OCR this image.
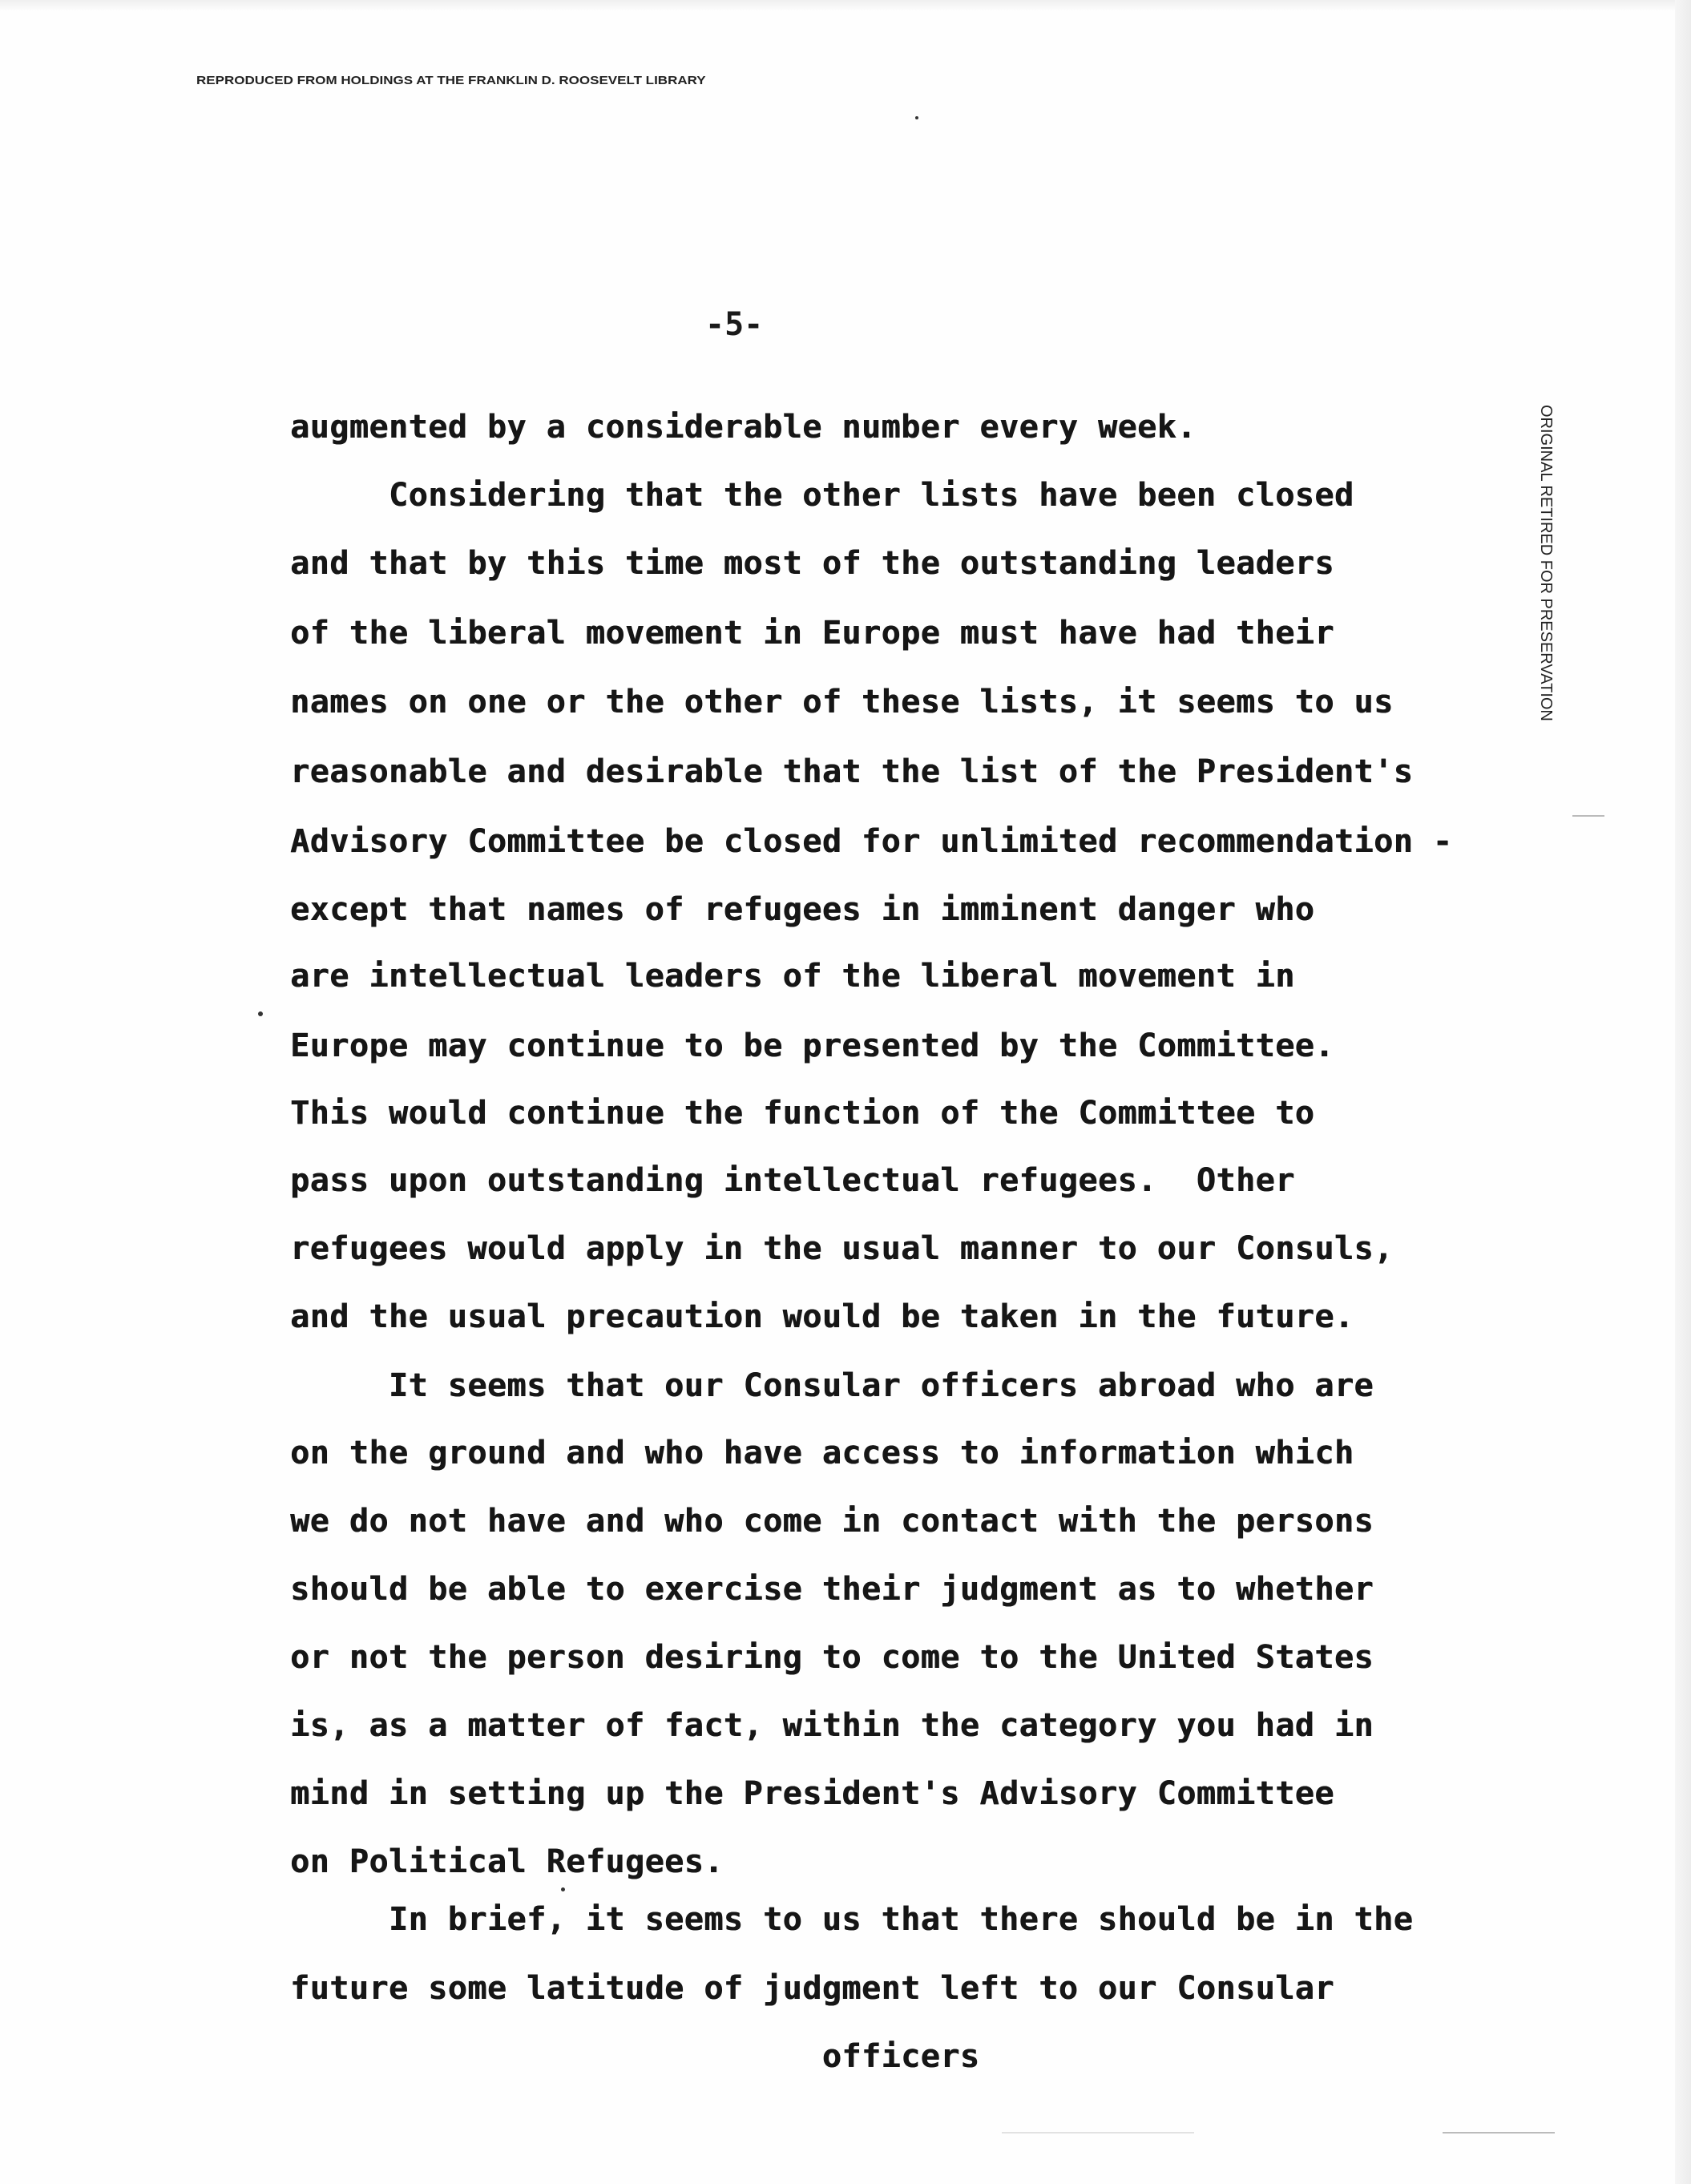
REPRODUCED FROM HOLDINGS AT THE FRANKLIN D. ROOSEVELT LIBRARY
ORIGINAL RETIRED FOR PRESERVATION
-5-
augmented by a considerable number every week.
Considering that the other lists have been closed
and that by this time most of the outstanding leaders
of the liberal movement in Europe must have had their
names on one or the other of these lists, it seems to us
reasonable and desirable that the list of the President's
Advisory Committee be closed for unlimited recommendation -
except that names of refugees in imminent danger who
are intellectual leaders of the liberal movement in
Europe may continue to be presented by the Committee.
This would continue the function of the Committee to
pass upon outstanding intellectual refugees.  Other
refugees would apply in the usual manner to our Consuls,
and the usual precaution would be taken in the future.
It seems that our Consular officers abroad who are
on the ground and who have access to information which
we do not have and who come in contact with the persons
should be able to exercise their judgment as to whether
or not the person desiring to come to the United States
is, as a matter of fact, within the category you had in
mind in setting up the President's Advisory Committee
on Political Refugees.
In brief, it seems to us that there should be in the
future some latitude of judgment left to our Consular
officers
